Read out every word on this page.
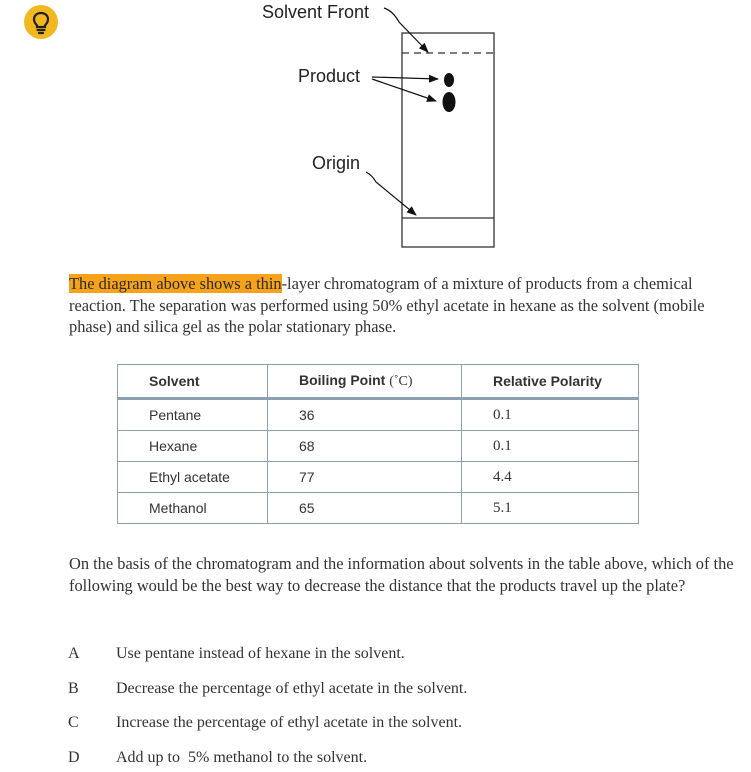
Solvent Front
Product
Origin
The diagram above shows a thin-layer chromatogram of a mixture of products from a chemical reaction. The separation was performed using 50% ethyl acetate in hexane as the solvent (mobile phase) and silica gel as the polar stationary phase.
Solvent	Boiling Point (˚C)	Relative Polarity
Pentane	36	0.1
Hexane	68	0.1
Ethyl acetate	77	4.4
Methanol	65	5.1
On the basis of the chromatogram and the information about solvents in the table above, which of the following would be the best way to decrease the distance that the products travel up the plate?
A Use pentane instead of hexane in the solvent.
B Decrease the percentage of ethyl acetate in the solvent.
C Increase the percentage of ethyl acetate in the solvent.
D Add up to  5% methanol to the solvent.
